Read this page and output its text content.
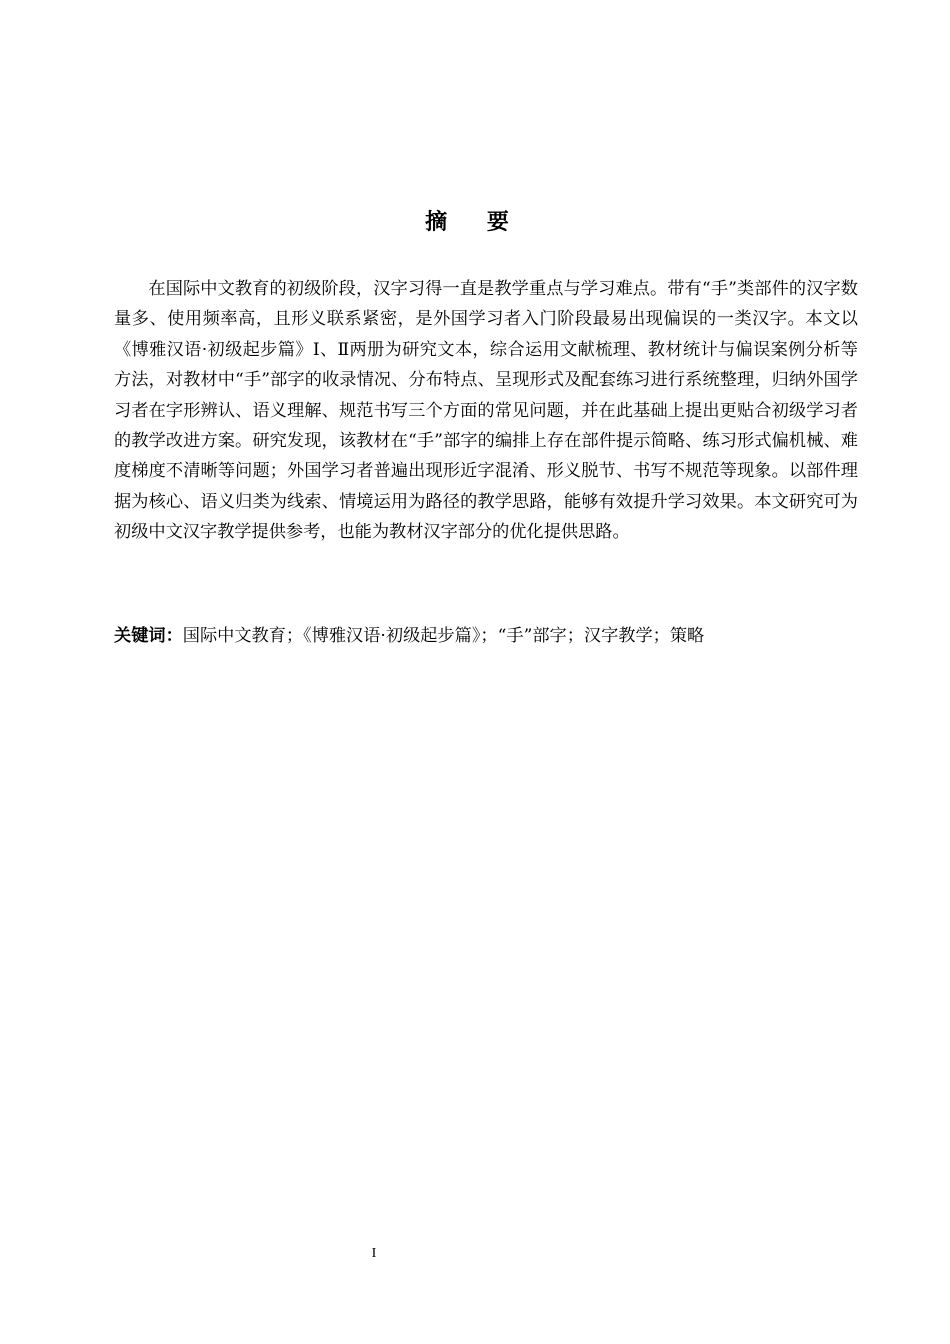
摘 要

在国际中文教育的初级阶段，汉字习得一直是教学重点与学习难点。带有“手”类部件的汉字数量多、使用频率高，且形义联系紧密，是外国学习者入门阶段最易出现偏误的一类汉字。本文以《博雅汉语·初级起步篇》Ⅰ、Ⅱ两册为研究文本，综合运用文献梳理、教材统计与偏误案例分析等方法，对教材中“手”部字的收录情况、分布特点、呈现形式及配套练习进行系统整理，归纳外国学习者在字形辨认、语义理解、规范书写三个方面的常见问题，并在此基础上提出更贴合初级学习者的教学改进方案。研究发现，该教材在“手”部字的编排上存在部件提示简略、练习形式偏机械、难度梯度不清晰等问题；外国学习者普遍出现形近字混淆、形义脱节、书写不规范等现象。以部件理据为核心、语义归类为线索、情境运用为路径的教学思路，能够有效提升学习效果。本文研究可为初级中文汉字教学提供参考，也能为教材汉字部分的优化提供思路。

关键词：国际中文教育；《博雅汉语·初级起步篇》；“手”部字；汉字教学；策略

I
